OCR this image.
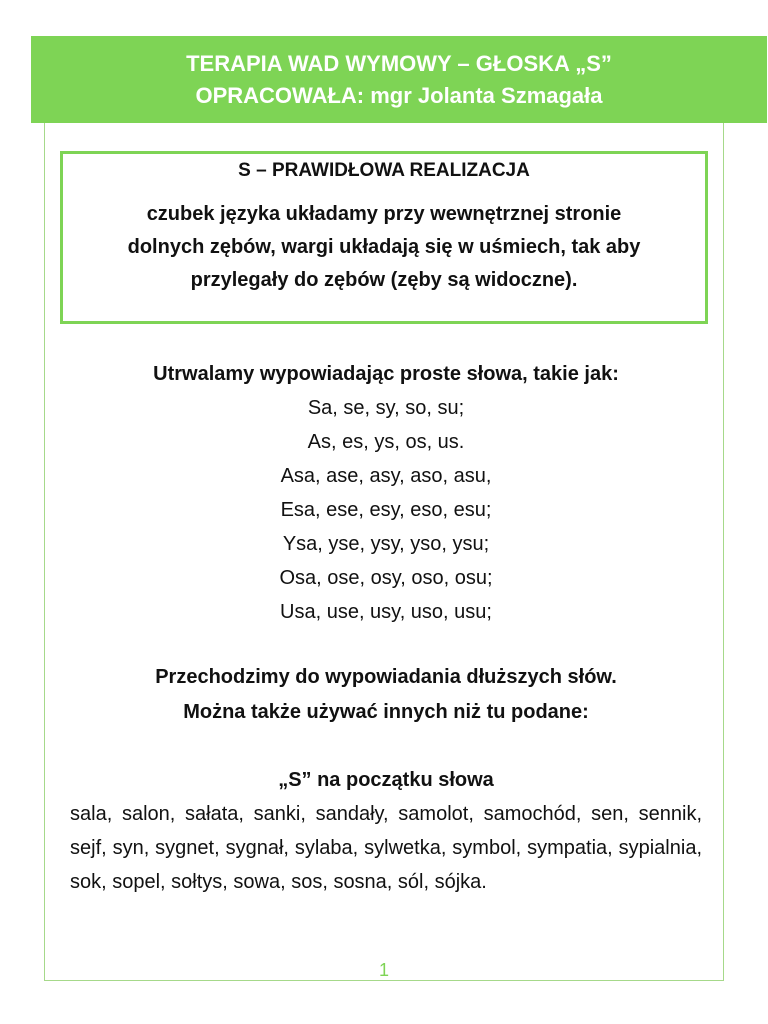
TERAPIA WAD WYMOWY – GŁOSKA „S”
OPRACOWAŁA: mgr Jolanta Szmagała
S – PRAWIDŁOWA REALIZACJA
czubek języka układamy przy wewnętrznej stronie
dolnych zębów, wargi układają się w uśmiech, tak aby
przylegały do zębów (zęby są widoczne).
Utrwalamy wypowiadając proste słowa, takie jak:
Sa, se, sy, so, su;
As, es, ys, os, us.
Asa, ase, asy, aso, asu,
Esa, ese, esy, eso, esu;
Ysa, yse, ysy, yso, ysu;
Osa, ose, osy, oso, osu;
Usa, use, usy, uso, usu;
Przechodzimy do wypowiadania dłuższych słów.
Można także używać innych niż tu podane:
„S” na początku słowa
sala, salon, sałata, sanki, sandały, samolot, samochód, sen, sennik, sejf, syn, sygnet, sygnał, sylaba, sylwetka, symbol, sympatia, sypialnia, sok, sopel, sołtys, sowa, sos, sosna, sól, sójka.
1
